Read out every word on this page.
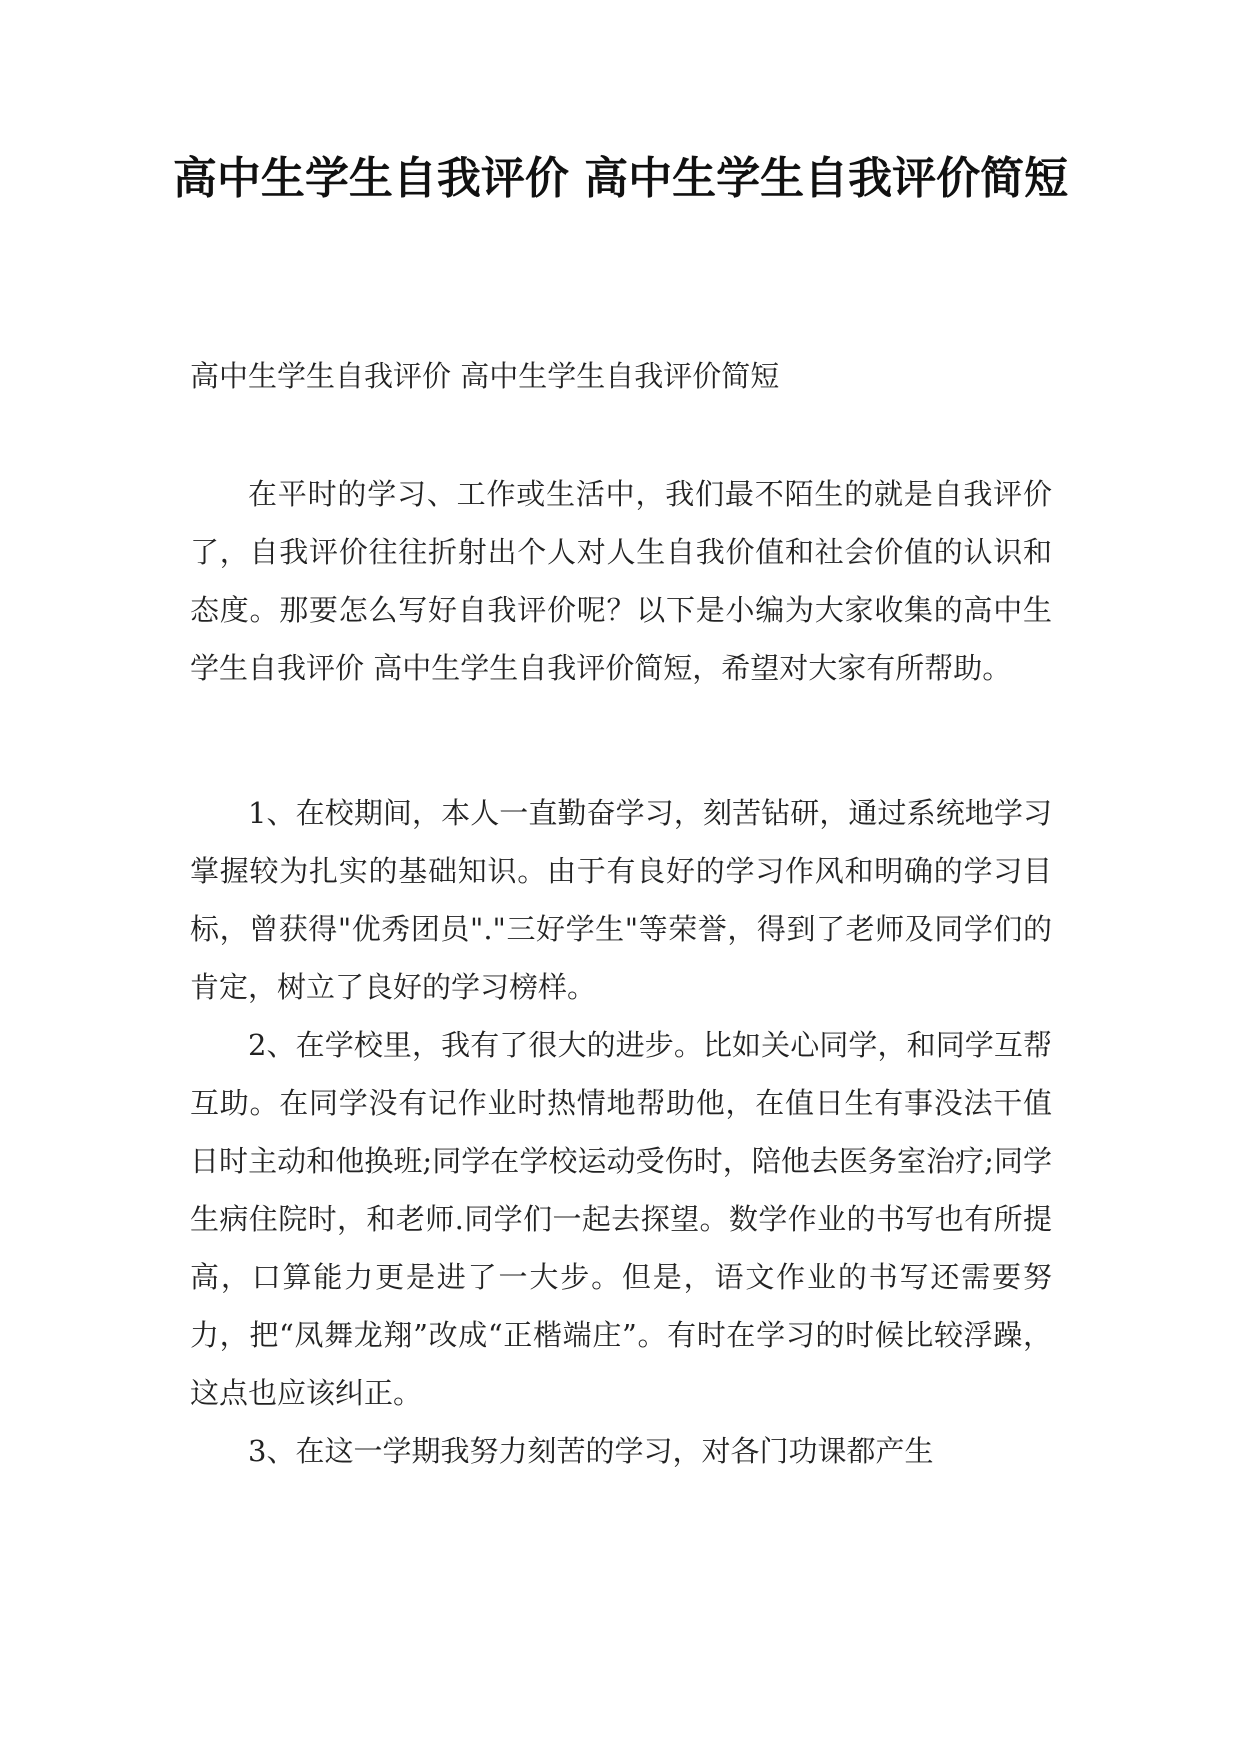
高中生学生自我评价 高中生学生自我评价简短

高中生学生自我评价 高中生学生自我评价简短

在平时的学习、工作或生活中，我们最不陌生的就是自我评价了，自我评价往往折射出个人对人生自我价值和社会价值的认识和态度。那要怎么写好自我评价呢？以下是小编为大家收集的高中生学生自我评价 高中生学生自我评价简短，希望对大家有所帮助。

1、在校期间，本人一直勤奋学习，刻苦钻研，通过系统地学习掌握较为扎实的基础知识。由于有良好的学习作风和明确的学习目标，曾获得"优秀团员"."三好学生"等荣誉，得到了老师及同学们的肯定，树立了良好的学习榜样。

2、在学校里，我有了很大的进步。比如关心同学，和同学互帮互助。在同学没有记作业时热情地帮助他，在值日生有事没法干值日时主动和他换班;同学在学校运动受伤时，陪他去医务室治疗;同学生病住院时，和老师.同学们一起去探望。数学作业的书写也有所提高，口算能力更是进了一大步。但是，语文作业的书写还需要努力，把“凤舞龙翔”改成“正楷端庄”。有时在学习的时候比较浮躁，这点也应该纠正。

3、在这一学期我努力刻苦的学习，对各门功课都产生
